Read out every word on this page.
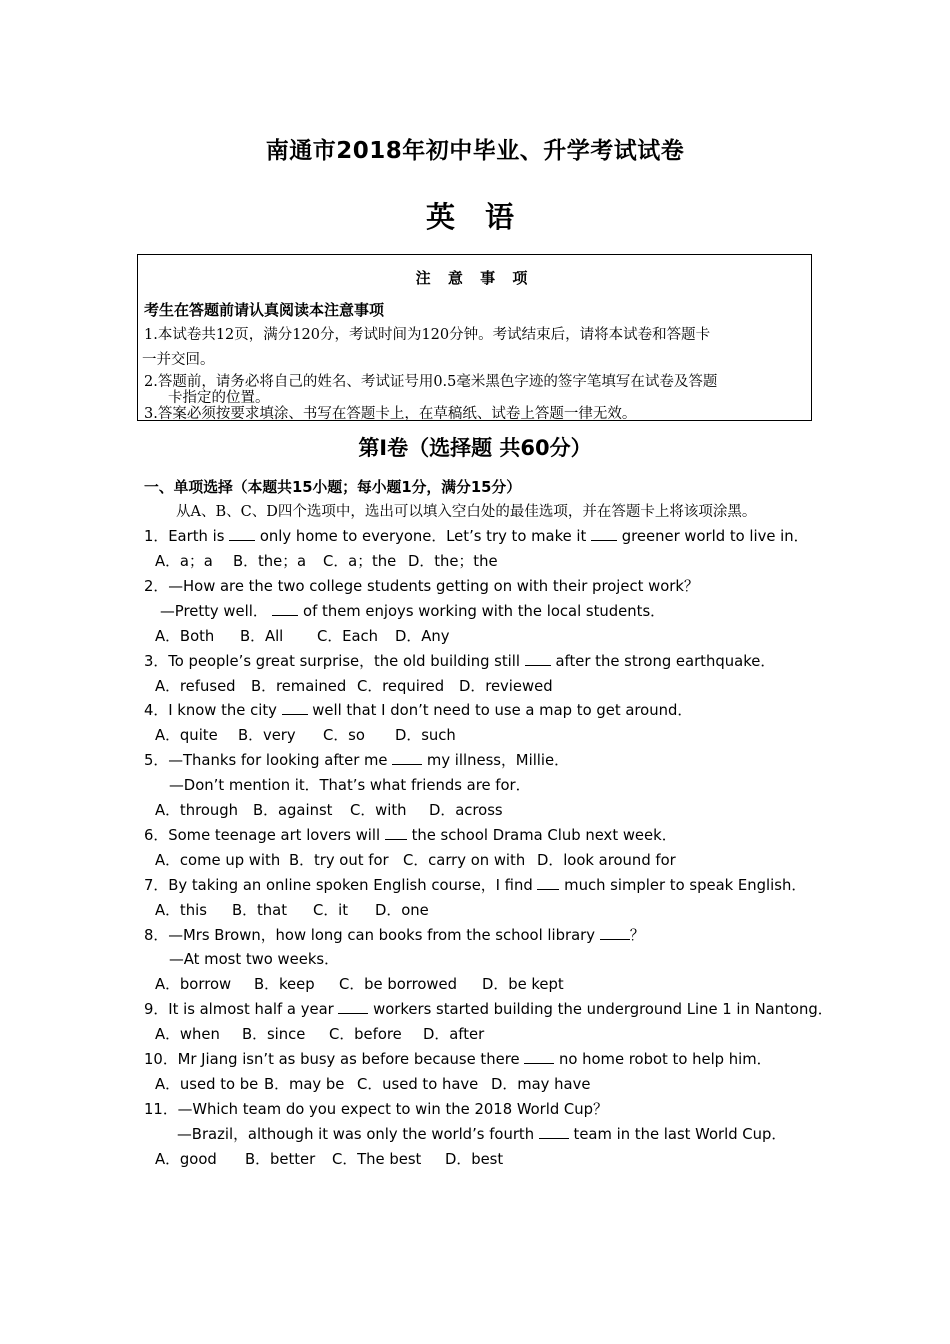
南通市2018年初中毕业、升学考试试卷
英 语
注 意 事 项
考生在答题前请认真阅读本注意事项
1.本试卷共12页，满分120分，考试时间为120分钟。考试结束后，请将本试卷和答题卡
一并交回。
2.答题前，请务必将自己的姓名、考试证号用0.5毫米黑色字迹的签字笔填写在试卷及答题
卡指定的位置。
3.答案必须按要求填涂、书写在答题卡上，在草稿纸、试卷上答题一律无效。
第Ⅰ卷（选择题 共60分）
一、单项选择（本题共15小题；每小题1分，满分15分）
从A、B、C、D四个选项中，选出可以填入空白处的最佳选项，并在答题卡上将该项涂黑。
1．Earth is  only home to everyone．Let’s try to make it  greener world to live in．
A．a；a B．the；a C．a；the D．the；the
2．—How are the two college students getting on with their project work？
—Pretty well．  of them enjoys working with the local students．
A．Both B．All C．Each D．Any
3．To people’s great surprise，the old building still  after the strong earthquake．
A．refused B．remained C．required D．reviewed
4．I know the city  well that I don’t need to use a map to get around．
A．quite B．very C．so D．such
5．—Thanks for looking after me  my illness，Millie．
—Don’t mention it．That’s what friends are for．
A．through B．against C．with D．across
6．Some teenage art lovers will  the school Drama Club next week．
A．come up with B．try out for C．carry on with D．look around for
7．By taking an online spoken English course，I find  much simpler to speak English．
A．this B．that C．it D．one
8．—Mrs Brown，how long can books from the school library ？
—At most two weeks．
A．borrow B．keep C．be borrowed D．be kept
9．It is almost half a year  workers started building the underground Line 1 in Nantong．
A．when B．since C．before D．after
10．Mr Jiang isn’t as busy as before because there  no home robot to help him．
A．used to be B．may be C．used to have D．may have
11．—Which team do you expect to win the 2018 World Cup？
—Brazil，although it was only the world’s fourth  team in the last World Cup．
A．good B．better C．The best D．best
